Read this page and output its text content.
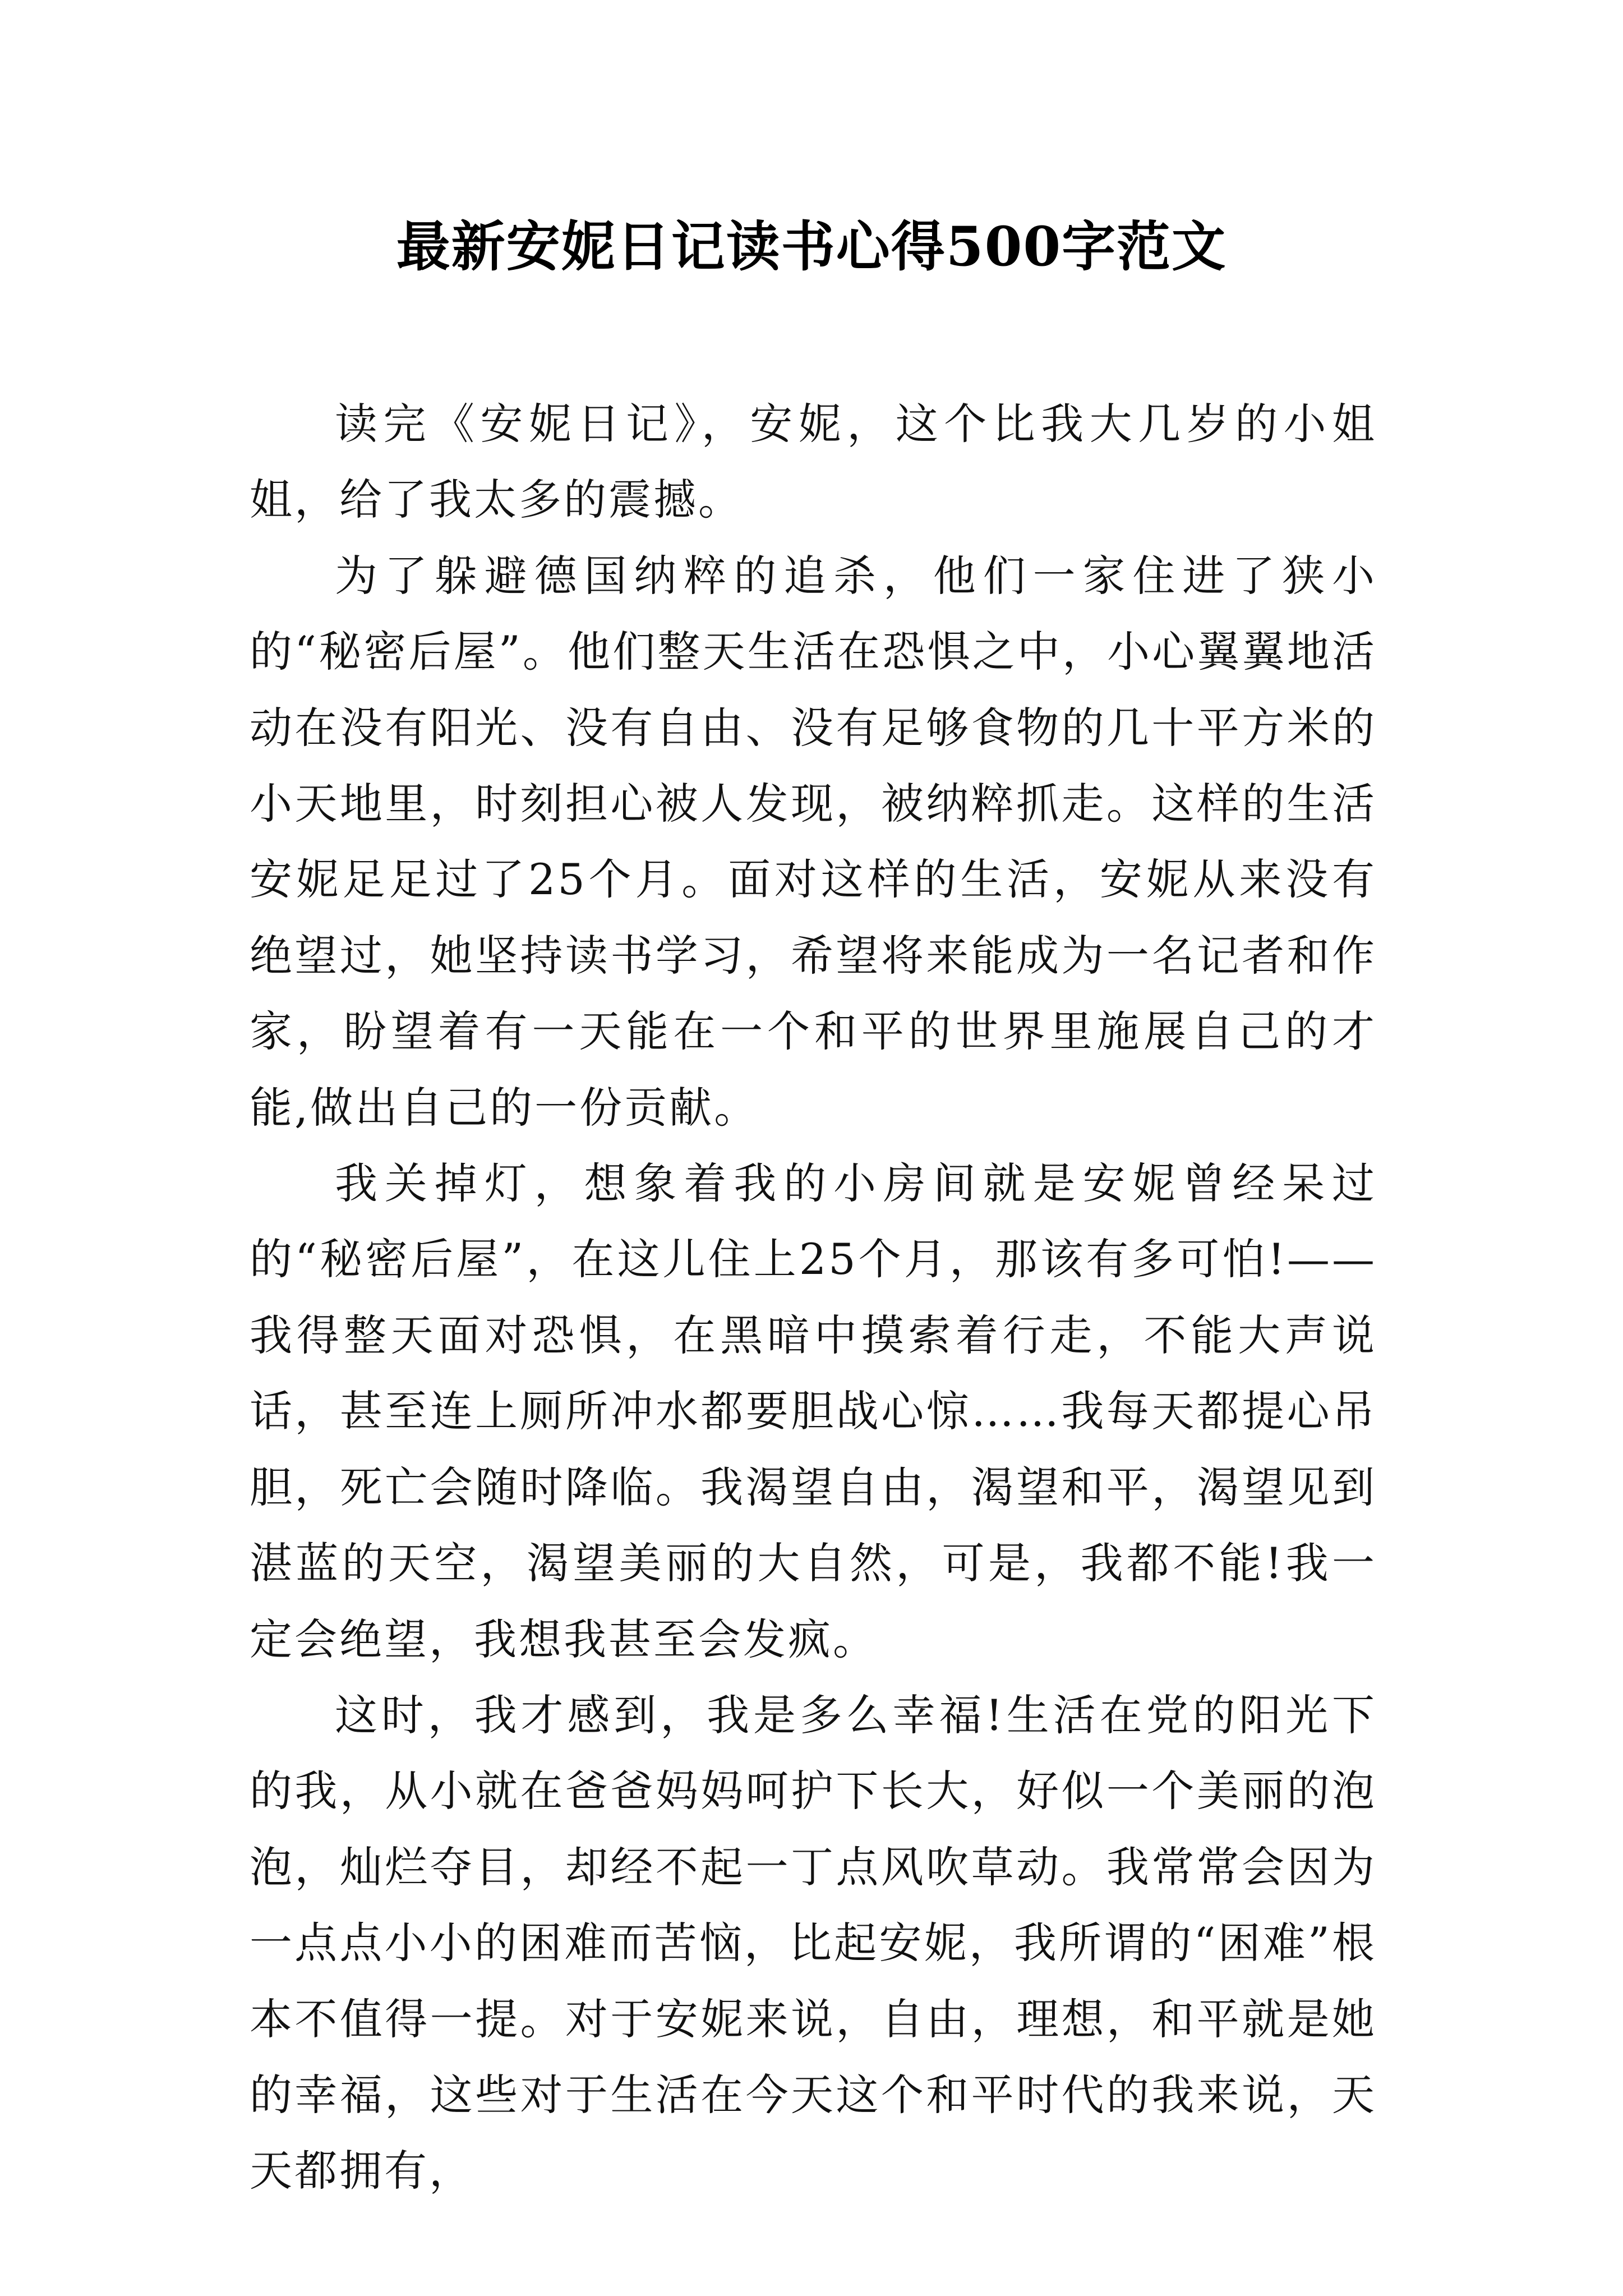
最新安妮日记读书心得500字范文

读完《安妮日记》，安妮，这个比我大几岁的小姐姐，给了我太多的震撼。

为了躲避德国纳粹的追杀，他们一家住进了狭小的“秘密后屋”。他们整天生活在恐惧之中，小心翼翼地活动在没有阳光、没有自由、没有足够食物的几十平方米的小天地里，时刻担心被人发现，被纳粹抓走。这样的生活安妮足足过了25个月。面对这样的生活，安妮从来没有绝望过，她坚持读书学习，希望将来能成为一名记者和作家，盼望着有一天能在一个和平的世界里施展自己的才能,做出自己的一份贡献。

我关掉灯，想象着我的小房间就是安妮曾经呆过的“秘密后屋”，在这儿住上25个月，那该有多可怕!——我得整天面对恐惧，在黑暗中摸索着行走，不能大声说话，甚至连上厕所冲水都要胆战心惊……我每天都提心吊胆，死亡会随时降临。我渴望自由，渴望和平，渴望见到湛蓝的天空，渴望美丽的大自然，可是，我都不能!我一定会绝望，我想我甚至会发疯。

这时，我才感到，我是多么幸福!生活在党的阳光下的我，从小就在爸爸妈妈呵护下长大，好似一个美丽的泡泡，灿烂夺目，却经不起一丁点风吹草动。我常常会因为一点点小小的困难而苦恼，比起安妮，我所谓的“困难”根本不值得一提。对于安妮来说，自由，理想，和平就是她的幸福，这些对于生活在今天这个和平时代的我来说，天天都拥有，
